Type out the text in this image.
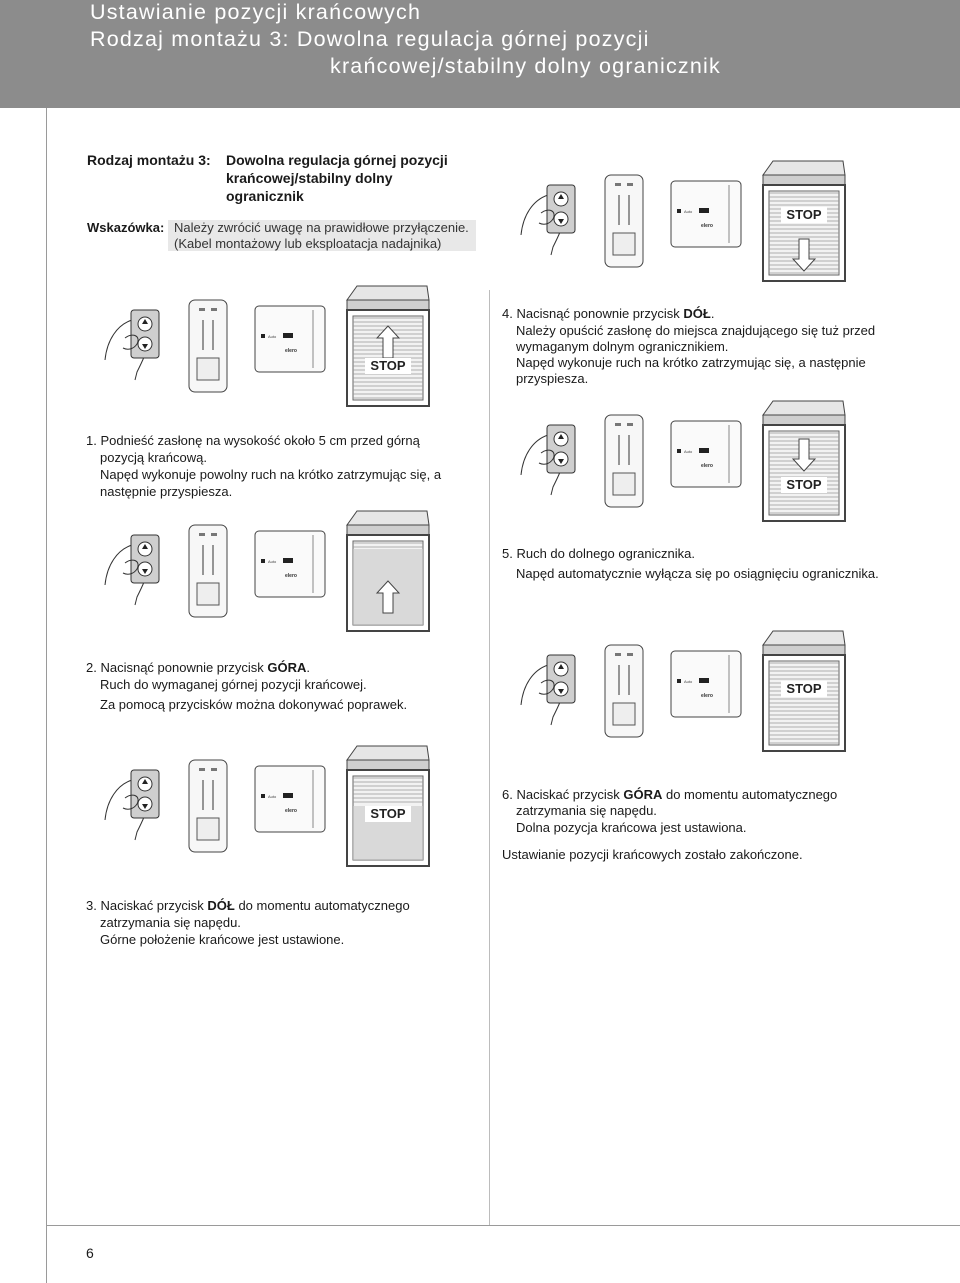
Ustawianie pozycji krańcowych
Rodzaj montażu 3: Dowolna regulacja górnej pozycji
krańcowej/stabilny dolny ogranicznik
Rodzaj montażu 3: Dowolna regulacja górnej pozycji
krańcowej/stabilny dolny
ogranicznik
Wskazówka: Należy zwrócić uwagę na prawidłowe przyłączenie.
(Kabel montażowy lub eksploatacja nadajnika)
1. Podnieść zasłonę na wysokość około 5 cm przed górną
pozycją krańcową.
Napęd wykonuje powolny ruch na krótko zatrzymując się, a
następnie przyspiesza.
2. Nacisnąć ponownie przycisk GÓRA.
Ruch do wymaganej górnej pozycji krańcowej.
Za pomocą przycisków można dokonywać poprawek.
3. Naciskać przycisk DÓŁ do momentu automatycznego
zatrzymania się napędu.
Górne położenie krańcowe jest ustawione.
4. Nacisnąć ponownie przycisk DÓŁ.
Należy opuścić zasłonę do miejsca znajdującego się tuż przed
wymaganym dolnym ogranicznikiem.
Napęd wykonuje ruch na krótko zatrzymując się, a następnie
przyspiesza.
5. Ruch do dolnego ogranicznika.
Napęd automatycznie wyłącza się po osiągnięciu ogranicznika.
6. Naciskać przycisk GÓRA do momentu automatycznego
zatrzymania się napędu.
Dolna pozycja krańcowa jest ustawiona.
Ustawianie pozycji krańcowych zostało zakończone.
6
Auto
elero
STOP
Auto
elero
Auto
elero	STOP
Auto
elero
STOP
Auto
elero
STOP
Auto
elero	STOP
